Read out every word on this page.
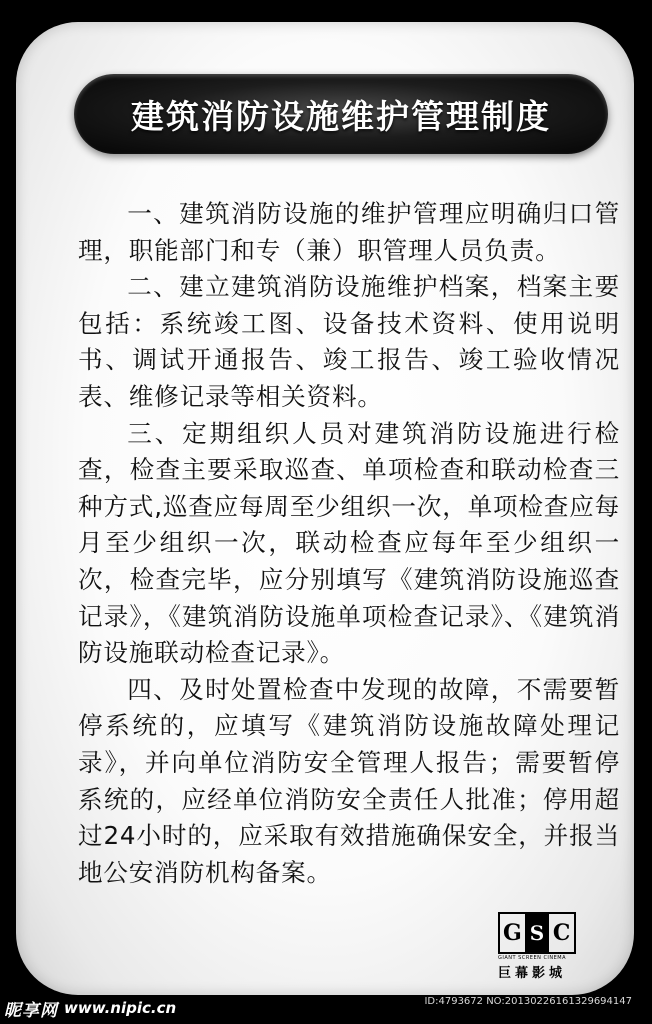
建筑消防设施维护管理制度

一、建筑消防设施的维护管理应明确归口管理，职能部门和专（兼）职管理人员负责。

二、建立建筑消防设施维护档案，档案主要包括：系统竣工图、设备技术资料、使用说明书、调试开通报告、竣工报告、竣工验收情况表、维修记录等相关资料。

三、定期组织人员对建筑消防设施进行检查，检查主要采取巡查、单项检查和联动检查三种方式,巡查应每周至少组织一次，单项检查应每月至少组织一次，联动检查应每年至少组织一次，检查完毕，应分别填写《建筑消防设施巡查记录》，《建筑消防设施单项检查记录》、《建筑消防设施联动检查记录》。

四、及时处置检查中发现的故障，不需要暂停系统的，应填写《建筑消防设施故障处理记录》，并向单位消防安全管理人报告；需要暂停系统的，应经单位消防安全责任人批准；停用超过24小时的，应采取有效措施确保安全，并报当地公安消防机构备案。

G S C
GIANT SCREEN CINEMA
巨幕影城
昵享网 www.nipic.cn	ID:4793672 NO:20130226161329694147
